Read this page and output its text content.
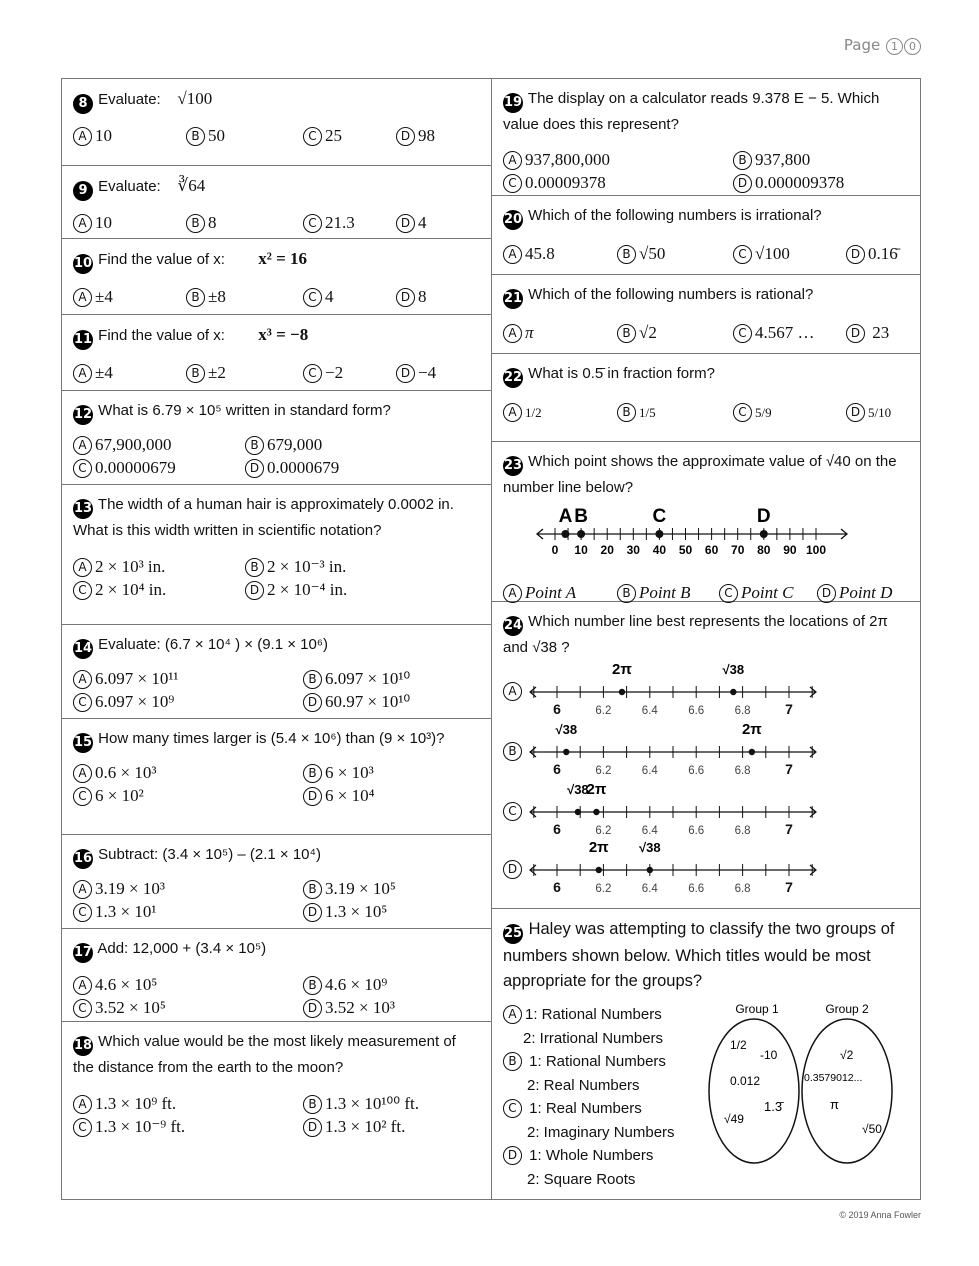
Page 1 0
8 Evaluate: √100
A 10	B 50	C 25	D 98
9 Evaluate: ∛64
A 10	B 8	C 21.3	D 4
10 Find the value of x: x² = 16
A ±4	B ±8	C 4	D 8
11 Find the value of x: x³ = −8
A ±4	B ±2	C −2	D −4
12 What is 6.79 × 10⁵ written in standard form?
A 67,900,000	B 679,000
C 0.00000679	D 0.0000679
13 The width of a human hair is approximately 0.0002 in. What is this width written in scientific notation?
A 2 × 10³ in.	B 2 × 10⁻³ in.
C 2 × 10⁴ in.	D 2 × 10⁻⁴ in.
14 Evaluate: (6.7 × 10⁴ ) × (9.1 × 10⁶)
A 6.097 × 10¹¹	B 6.097 × 10¹⁰
C 6.097 × 10⁹	D 60.97 × 10¹⁰
15 How many times larger is (5.4 × 10⁶) than (9 × 10³)?
A 0.6 × 10³	B 6 × 10³
C 6 × 10²	D 6 × 10⁴
16 Subtract: (3.4 × 10⁵) – (2.1 × 10⁴)
A 3.19 × 10³	B 3.19 × 10⁵
C 1.3 × 10¹	D 1.3 × 10⁵
17 Add: 12,000 + (3.4 × 10⁵)
A 4.6 × 10⁵	B 4.6 × 10⁹
C 3.52 × 10⁵	D 3.52 × 10³
18 Which value would be the most likely measurement of the distance from the earth to the moon?
A 1.3 × 10⁹ ft.	B 1.3 × 10¹⁰⁰ ft.
C 1.3 × 10⁻⁹ ft.	D 1.3 × 10² ft.
19 The display on a calculator reads 9.378 E − 5. Which value does this represent?
A 937,800,000	B 937,800
C 0.00009378	D 0.000009378
20 Which of the following numbers is irrational?
A 45.8	B √50	C √100	D 0.16̄
21 Which of the following numbers is rational?
A π	B √2	C 4.567 …	D 23
22 What is 0.5̄ in fraction form?
A 1/2	B 1/5	C 5/9	D 5/10
23 Which point shows the approximate value of √40 on the number line below?
0 10 20 30 40 50 60 70 80 90 100
A B	C	D
A Point A	B Point B	C Point C	D Point D
24 Which number line best represents the locations of 2π and √38 ?
A
6	6.2	6.4	6.6	6.8 7
2π	√38
B
6	6.2	6.4	6.6	6.8 7
2π
√38
C
6	6.2	6.4	6.6	6.8 7
2π
√38
D
6	6.2	6.4	6.6	6.8 7
2π √38
25 Haley was attempting to classify the two groups of numbers shown below. Which titles would be most appropriate for the groups?
A 1: Rational Numbers
2: Irrational Numbers
B 1: Rational Numbers
2: Real Numbers
C 1: Real Numbers
2: Imaginary Numbers
D 1: Whole Numbers
2: Square Roots
Group 1
1/2
-10
0.012
1.3̄
√49
Group 2
√2
0.3579012...
π
√50
© 2019 Anna Fowler
